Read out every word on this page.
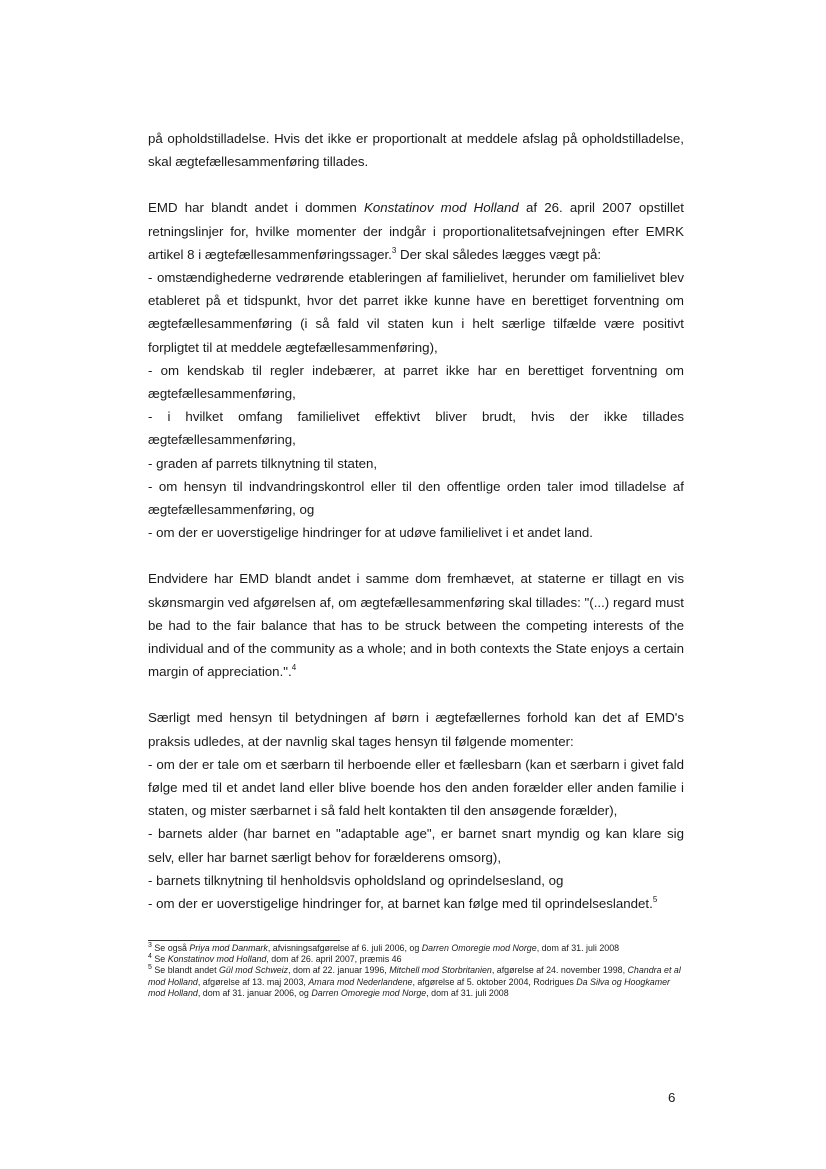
på opholdstilladelse. Hvis det ikke er proportionalt at meddele afslag på opholdstilladelse, skal ægtefællesammenføring tillades.

EMD har blandt andet i dommen Konstatinov mod Holland af 26. april 2007 opstillet retningslinjer for, hvilke momenter der indgår i proportionalitetsafvejningen efter EMRK artikel 8 i ægtefællesammenføringssager.$^3$ Der skal således lægges vægt på:
- omstændighederne vedrørende etableringen af familielivet, herunder om familielivet blev etableret på et tidspunkt, hvor det parret ikke kunne have en berettiget forventning om ægtefællesammenføring (i så fald vil staten kun i helt særlige tilfælde være positivt forpligtet til at meddele ægtefællesammenføring),
- om kendskab til regler indebærer, at parret ikke har en berettiget forventning om ægtefællesammenføring,
- i hvilket omfang familielivet effektivt bliver brudt, hvis der ikke tillades ægtefællesammenføring,
- graden af parrets tilknytning til staten,
- om hensyn til indvandringskontrol eller til den offentlige orden taler imod tilladelse af ægtefællesammenføring, og
- om der er uoverstigelige hindringer for at udøve familielivet i et andet land.

Endvidere har EMD blandt andet i samme dom fremhævet, at staterne er tillagt en vis skønsmargin ved afgørelsen af, om ægtefællesammenføring skal tillades: "(...) regard must be had to the fair balance that has to be struck between the competing interests of the individual and of the community as a whole; and in both contexts the State enjoys a certain margin of appreciation.".$^4$

Særligt med hensyn til betydningen af børn i ægtefællernes forhold kan det af EMD's praksis udledes, at der navnlig skal tages hensyn til følgende momenter:
- om der er tale om et særbarn til herboende eller et fællesbarn (kan et særbarn i givet fald følge med til et andet land eller blive boende hos den anden forælder eller anden familie i staten, og mister særbarnet i så fald helt kontakten til den ansøgende forælder),
- barnets alder (har barnet en "adaptable age", er barnet snart myndig og kan klare sig selv, eller har barnet særligt behov for forælderens omsorg),
- barnets tilknytning til henholdsvis opholdsland og oprindelsesland, og
- om der er uoverstigelige hindringer for, at barnet kan følge med til oprindelseslandet.$^5$

$^3$ Se også Priya mod Danmark, afvisningsafgørelse af 6. juli 2006, og Darren Omoregie mod Norge, dom af 31. juli 2008

$^4$ Se Konstatinov mod Holland, dom af 26. april 2007, præmis 46

$^5$ Se blandt andet Gül mod Schweiz, dom af 22. januar 1996, Mitchell mod Storbritanien, afgørelse af 24. november 1998, Chandra et al mod Holland, afgørelse af 13. maj 2003, Amara mod Nederlandene, afgørelse af 5. oktober 2004, Rodrigues Da Silva og Hoogkamer mod Holland, dom af 31. januar 2006, og Darren Omoregie mod Norge, dom af 31. juli 2008

6
